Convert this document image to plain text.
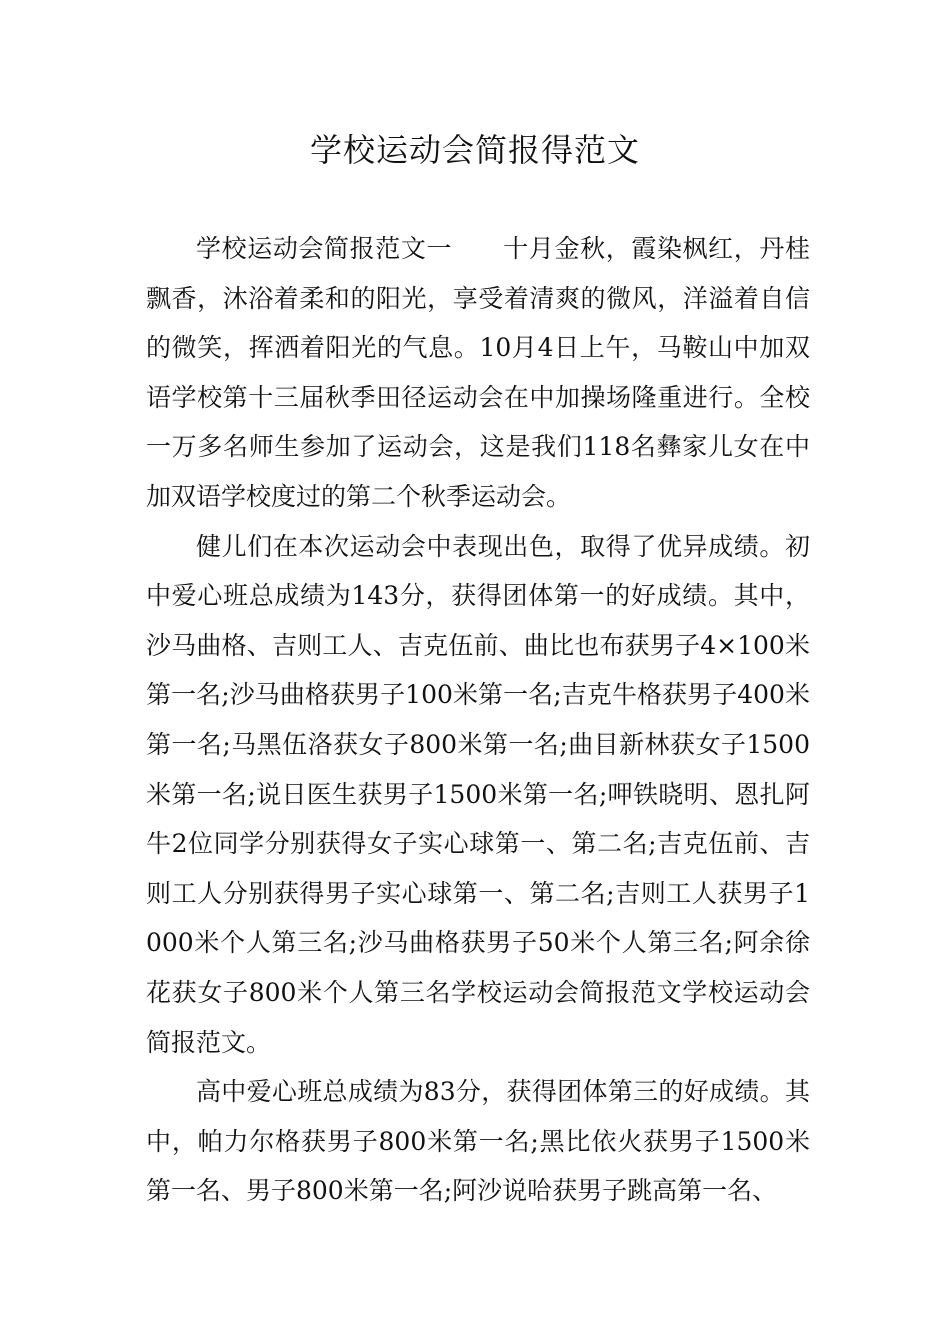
学校运动会简报得范文

学校运动会简报范文一　　十月金秋，霞染枫红，丹桂飘香，沐浴着柔和的阳光，享受着清爽的微风，洋溢着自信的微笑，挥洒着阳光的气息。10月4日上午，马鞍山中加双语学校第十三届秋季田径运动会在中加操场隆重进行。全校一万多名师生参加了运动会，这是我们118名彝家儿女在中加双语学校度过的第二个秋季运动会。

健儿们在本次运动会中表现出色，取得了优异成绩。初中爱心班总成绩为143分，获得团体第一的好成绩。其中，沙马曲格、吉则工人、吉克伍前、曲比也布获男子4×100米第一名;沙马曲格获男子100米第一名;吉克牛格获男子400米第一名;马黑伍洛获女子800米第一名;曲目新林获女子1500米第一名;说日医生获男子1500米第一名;呷铁晓明、恩扎阿牛2位同学分别获得女子实心球第一、第二名;吉克伍前、吉则工人分别获得男子实心球第一、第二名;吉则工人获男子1000米个人第三名;沙马曲格获男子50米个人第三名;阿余徐花获女子800米个人第三名学校运动会简报范文学校运动会简报范文。

高中爱心班总成绩为83分，获得团体第三的好成绩。其中，帕力尔格获男子800米第一名;黑比依火获男子1500米第一名、男子800米第一名;阿沙说哈获男子跳高第一名、
